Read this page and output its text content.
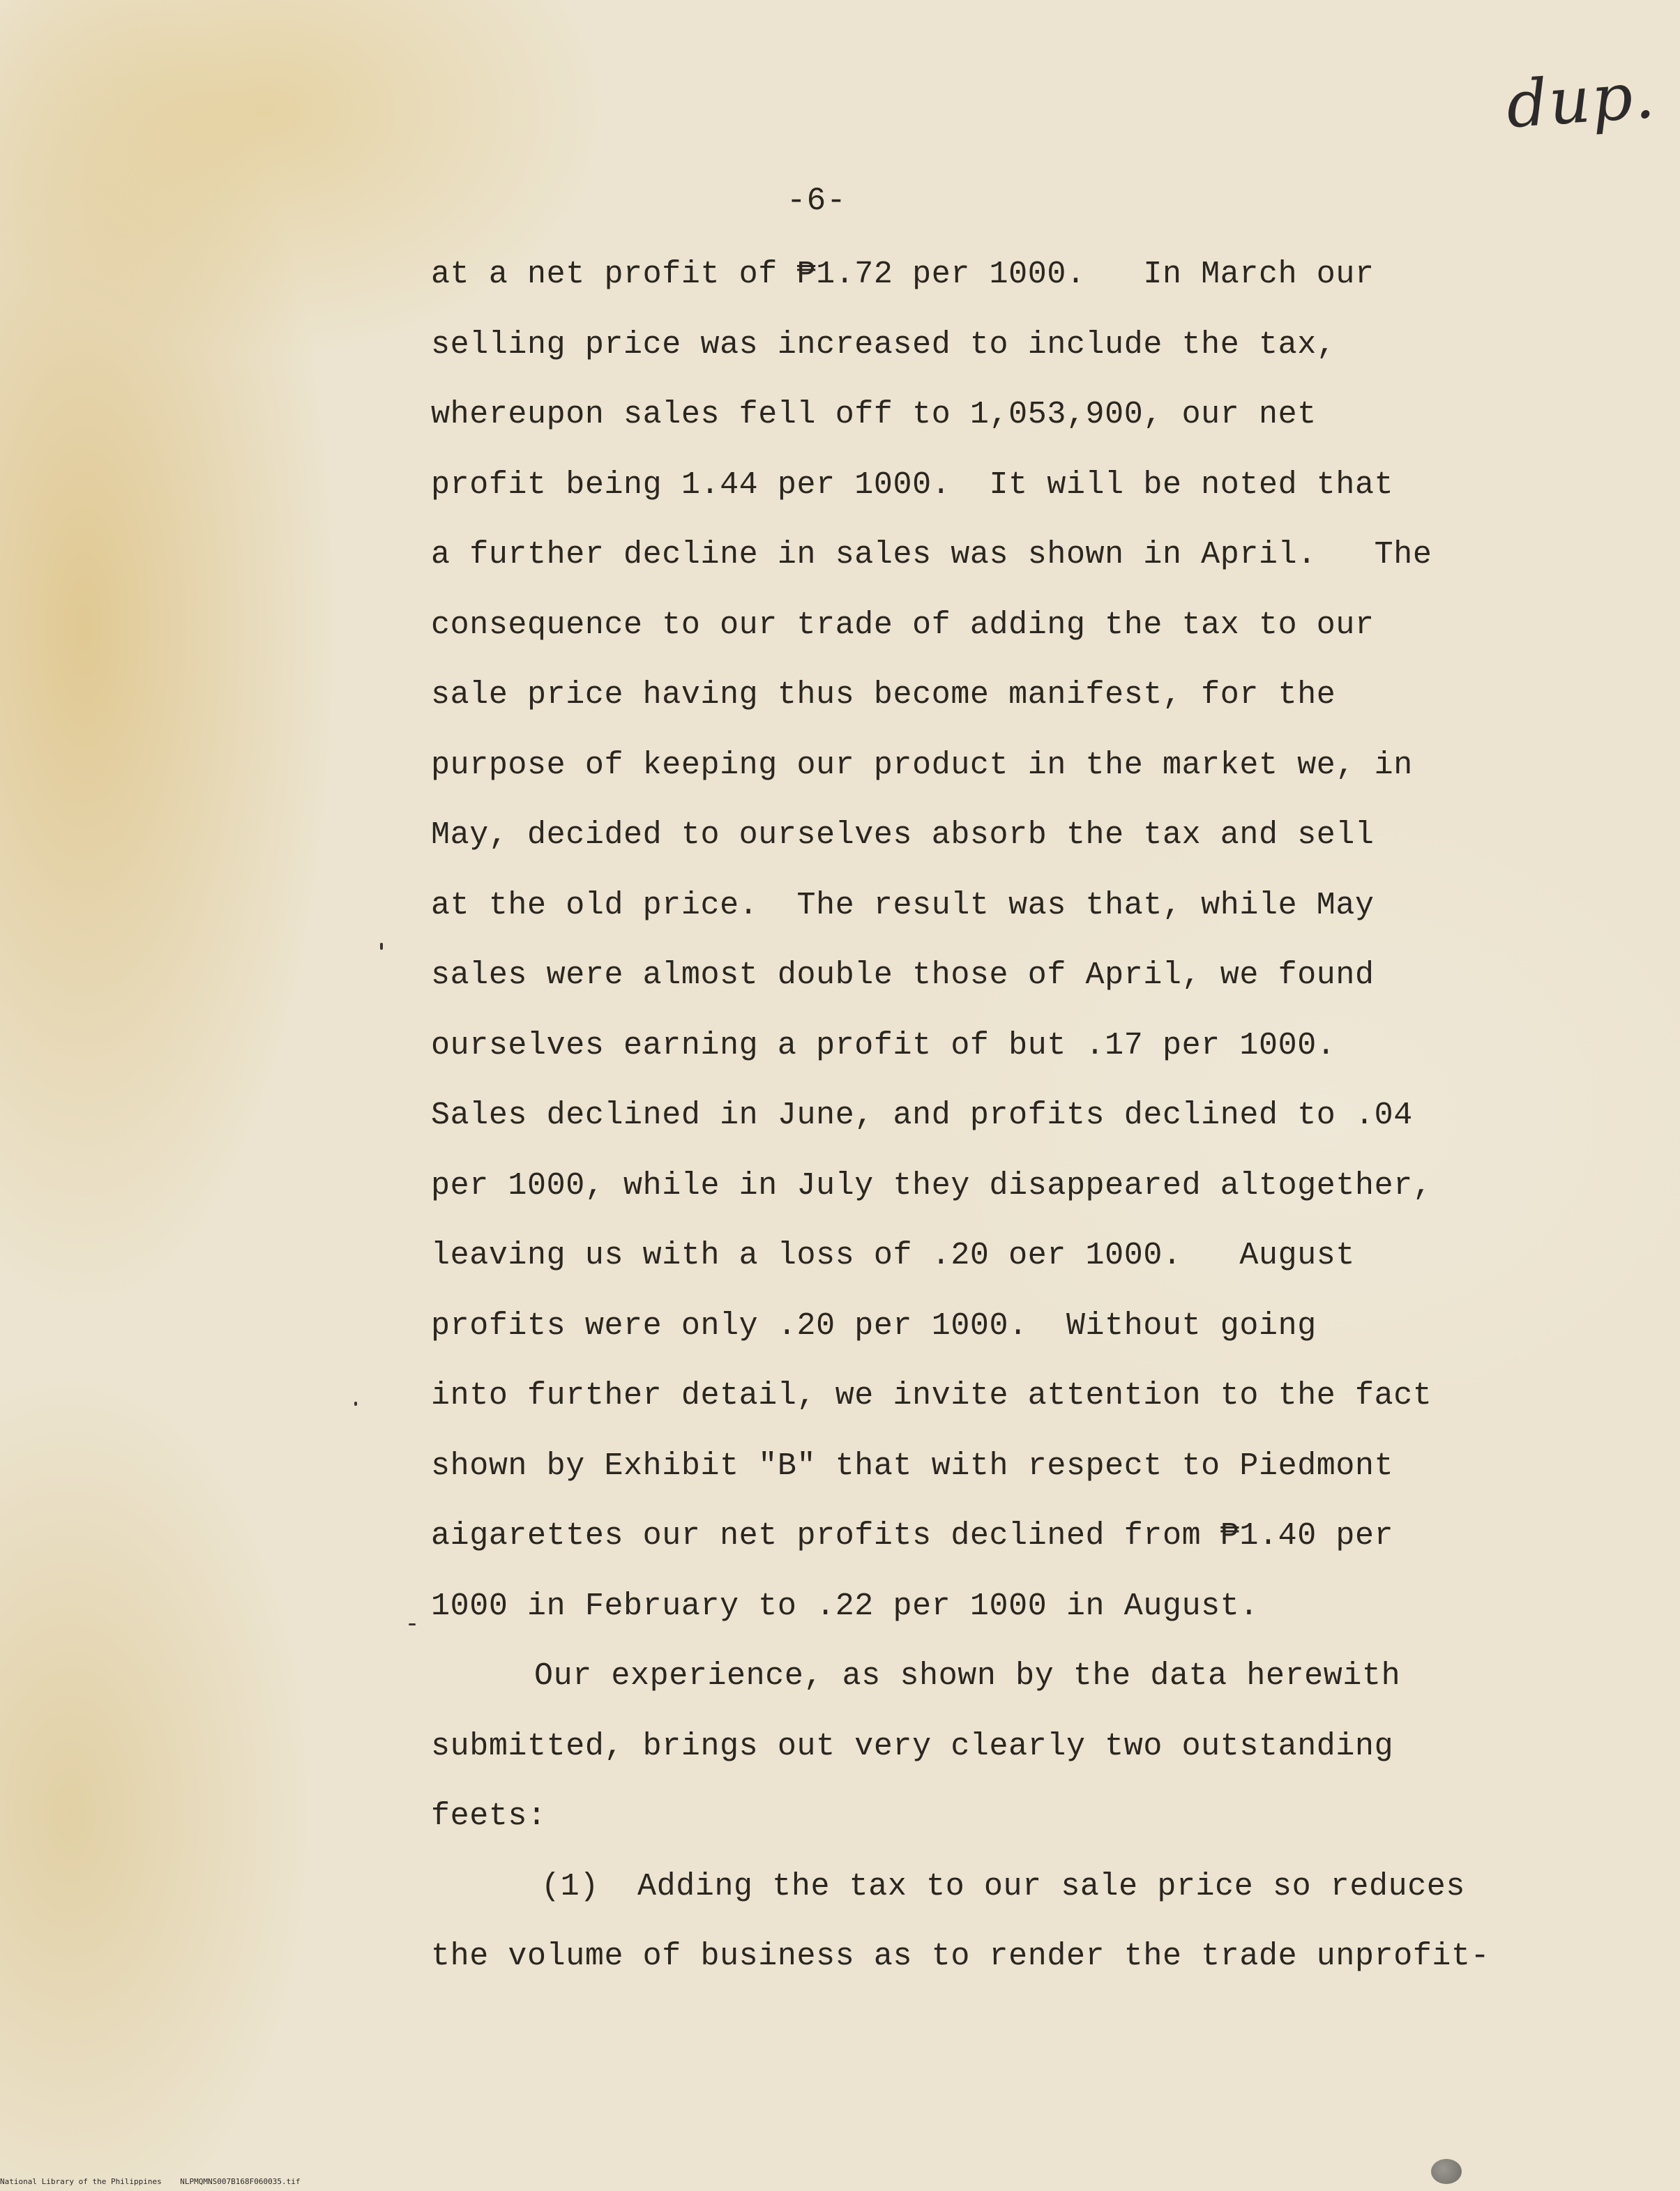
dup.
-6-
at a net profit of ₱1.72 per 1000.   In March our
selling price was increased to include the tax,
whereupon sales fell off to 1,053,900, our net
profit being 1.44 per 1000.  It will be noted that
a further decline in sales was shown in April.   The
consequence to our trade of adding the tax to our
sale price having thus become manifest, for the
purpose of keeping our product in the market we, in
May, decided to ourselves absorb the tax and sell
at the old price.  The result was that, while May
sales were almost double those of April, we found
ourselves earning a profit of but .17 per 1000.
Sales declined in June, and profits declined to .04
per 1000, while in July they disappeared altogether,
leaving us with a loss of .20 oer 1000.   August
profits were only .20 per 1000.  Without going
into further detail, we invite attention to the fact
shown by Exhibit "B" that with respect to Piedmont
aigarettes our net profits declined from ₱1.40 per
1000 in February to .22 per 1000 in August.
Our experience, as shown by the data herewith
submitted, brings out very clearly two outstanding
feets:
(1)  Adding the tax to our sale price so reduces
the volume of business as to render the trade unprofit-
National Library of the Philippines    NLPMQMNS007B168F060035.tif
